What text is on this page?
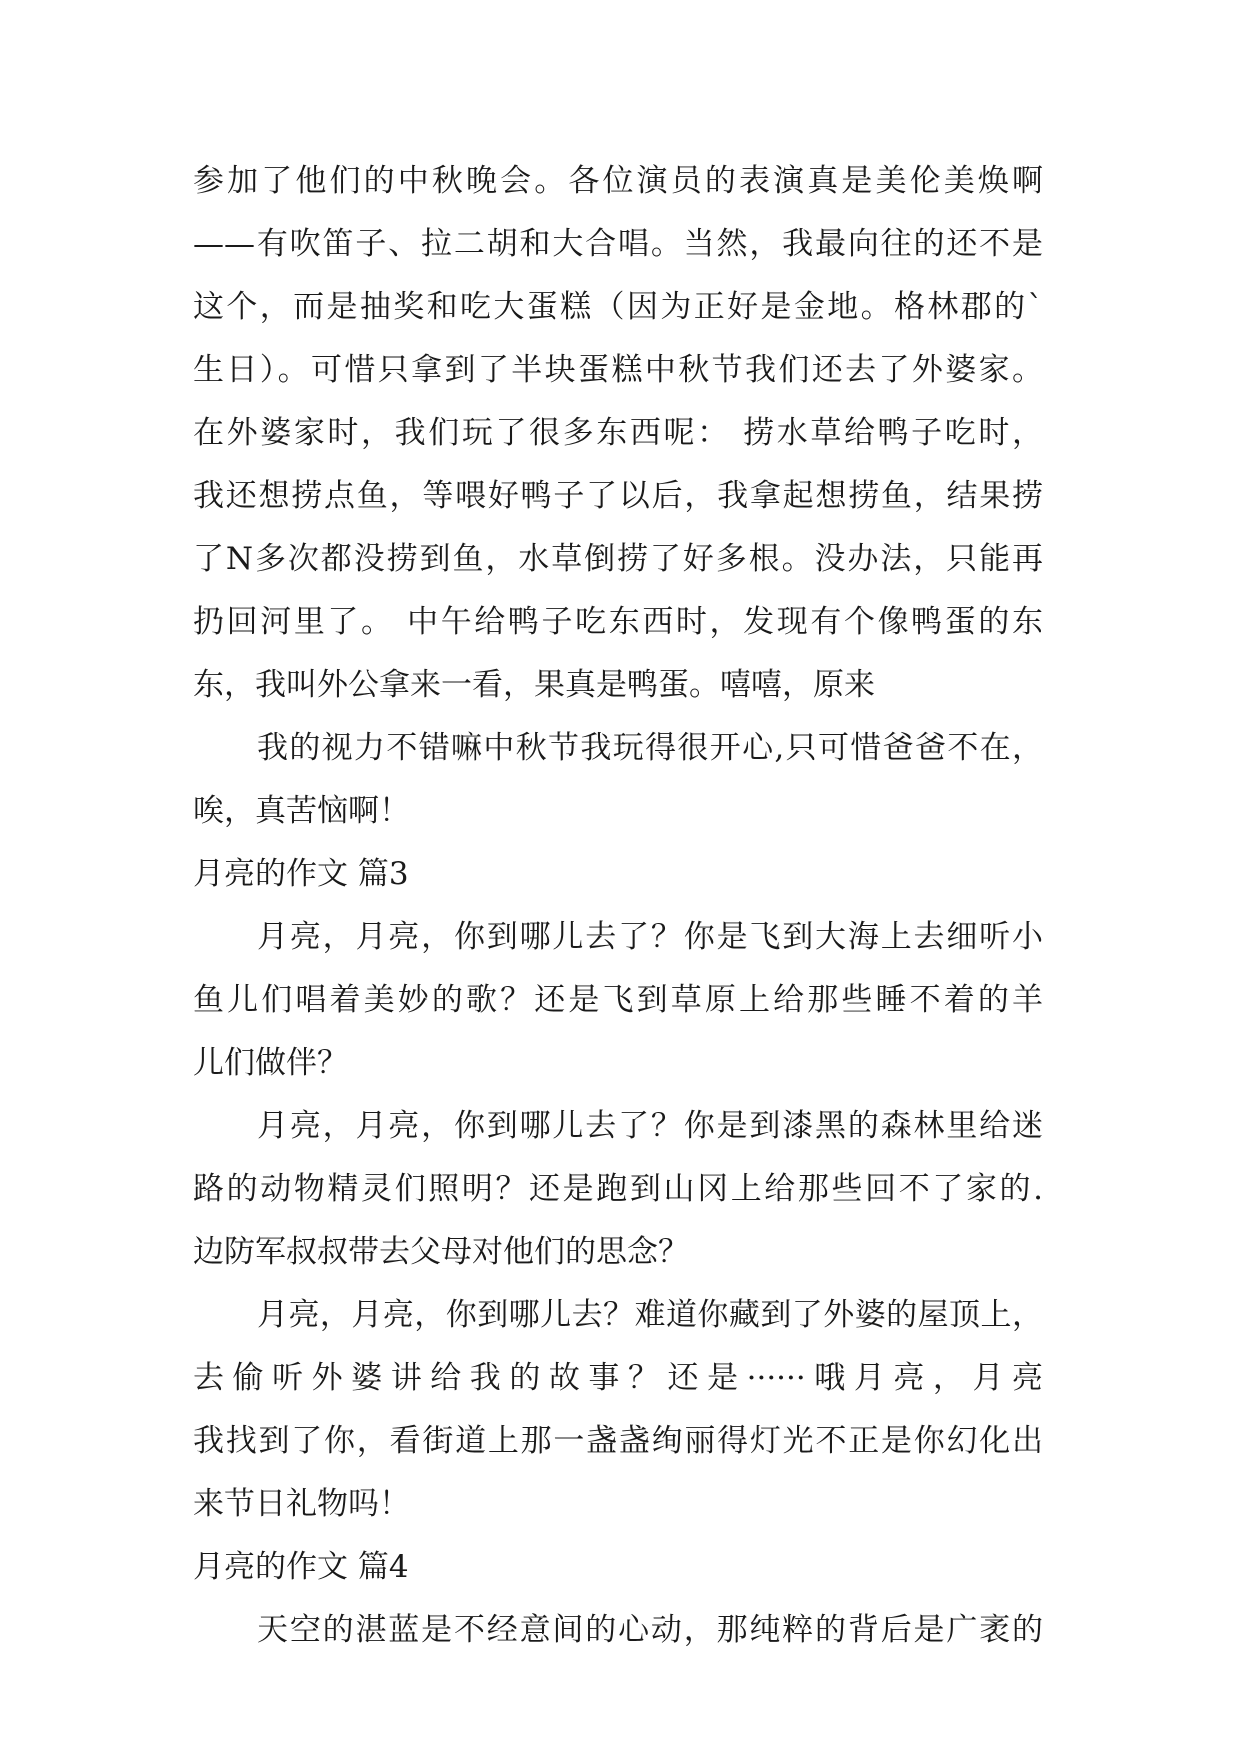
参加了他们的中秋晚会。各位演员的表演真是美伦美焕啊

——有吹笛子、拉二胡和大合唱。当然，我最向往的还不是

这个，而是抽奖和吃大蛋糕（因为正好是金地。格林郡的`

生日）。可惜只拿到了半块蛋糕中秋节我们还去了外婆家。

在外婆家时，我们玩了很多东西呢： 捞水草给鸭子吃时，

我还想捞点鱼，等喂好鸭子了以后，我拿起想捞鱼，结果捞

了N多次都没捞到鱼，水草倒捞了好多根。没办法，只能再

扔回河里了。 中午给鸭子吃东西时，发现有个像鸭蛋的东

东，我叫外公拿来一看，果真是鸭蛋。嘻嘻，原来

我的视力不错嘛中秋节我玩得很开心,只可惜爸爸不在，

唉，真苦恼啊！

月亮的作文 篇3

月亮，月亮，你到哪儿去了？你是飞到大海上去细听小

鱼儿们唱着美妙的歌？还是飞到草原上给那些睡不着的羊

儿们做伴？

月亮，月亮，你到哪儿去了？你是到漆黑的森林里给迷

路的动物精灵们照明？还是跑到山冈上给那些回不了家的.

边防军叔叔带去父母对他们的思念？

月亮，月亮，你到哪儿去？难道你藏到了外婆的屋顶上，

去偷听外婆讲给我的故事？还是······哦月亮，月亮

我找到了你，看街道上那一盏盏绚丽得灯光不正是你幻化出

来节日礼物吗！

月亮的作文 篇4

天空的湛蓝是不经意间的心动，那纯粹的背后是广袤的
